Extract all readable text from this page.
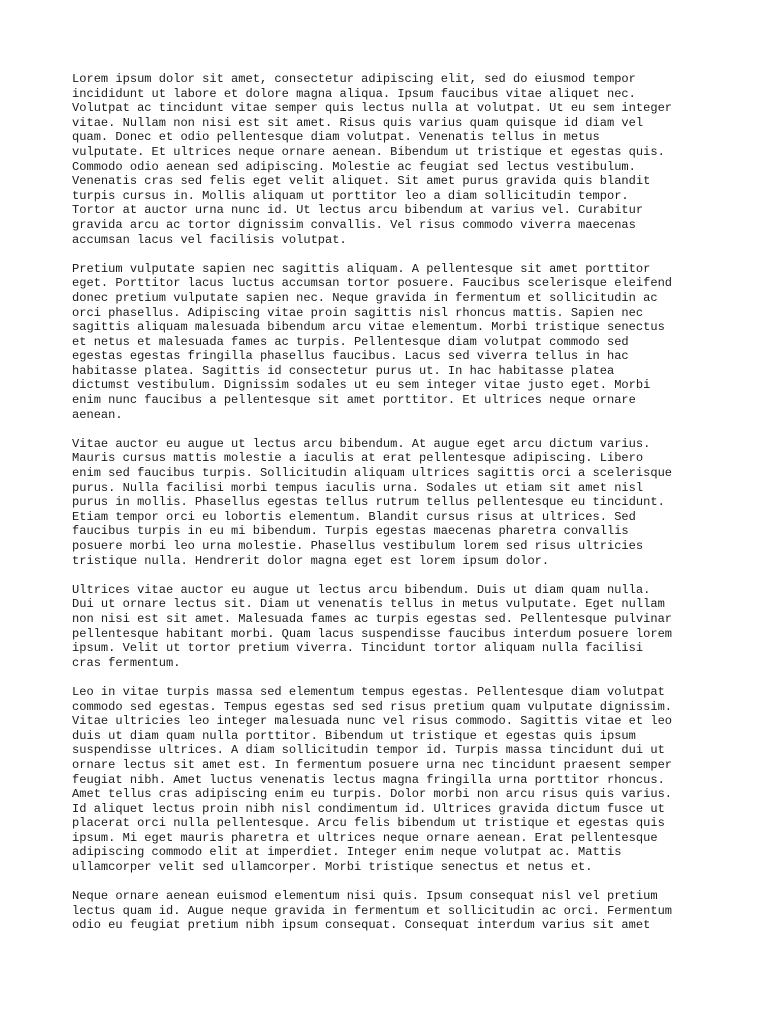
Lorem ipsum dolor sit amet, consectetur adipiscing elit, sed do eiusmod tempor
incididunt ut labore et dolore magna aliqua. Ipsum faucibus vitae aliquet nec.
Volutpat ac tincidunt vitae semper quis lectus nulla at volutpat. Ut eu sem integer
vitae. Nullam non nisi est sit amet. Risus quis varius quam quisque id diam vel
quam. Donec et odio pellentesque diam volutpat. Venenatis tellus in metus
vulputate. Et ultrices neque ornare aenean. Bibendum ut tristique et egestas quis.
Commodo odio aenean sed adipiscing. Molestie ac feugiat sed lectus vestibulum.
Venenatis cras sed felis eget velit aliquet. Sit amet purus gravida quis blandit
turpis cursus in. Mollis aliquam ut porttitor leo a diam sollicitudin tempor.
Tortor at auctor urna nunc id. Ut lectus arcu bibendum at varius vel. Curabitur
gravida arcu ac tortor dignissim convallis. Vel risus commodo viverra maecenas
accumsan lacus vel facilisis volutpat.

Pretium vulputate sapien nec sagittis aliquam. A pellentesque sit amet porttitor
eget. Porttitor lacus luctus accumsan tortor posuere. Faucibus scelerisque eleifend
donec pretium vulputate sapien nec. Neque gravida in fermentum et sollicitudin ac
orci phasellus. Adipiscing vitae proin sagittis nisl rhoncus mattis. Sapien nec
sagittis aliquam malesuada bibendum arcu vitae elementum. Morbi tristique senectus
et netus et malesuada fames ac turpis. Pellentesque diam volutpat commodo sed
egestas egestas fringilla phasellus faucibus. Lacus sed viverra tellus in hac
habitasse platea. Sagittis id consectetur purus ut. In hac habitasse platea
dictumst vestibulum. Dignissim sodales ut eu sem integer vitae justo eget. Morbi
enim nunc faucibus a pellentesque sit amet porttitor. Et ultrices neque ornare
aenean.

Vitae auctor eu augue ut lectus arcu bibendum. At augue eget arcu dictum varius.
Mauris cursus mattis molestie a iaculis at erat pellentesque adipiscing. Libero
enim sed faucibus turpis. Sollicitudin aliquam ultrices sagittis orci a scelerisque
purus. Nulla facilisi morbi tempus iaculis urna. Sodales ut etiam sit amet nisl
purus in mollis. Phasellus egestas tellus rutrum tellus pellentesque eu tincidunt.
Etiam tempor orci eu lobortis elementum. Blandit cursus risus at ultrices. Sed
faucibus turpis in eu mi bibendum. Turpis egestas maecenas pharetra convallis
posuere morbi leo urna molestie. Phasellus vestibulum lorem sed risus ultricies
tristique nulla. Hendrerit dolor magna eget est lorem ipsum dolor.

Ultrices vitae auctor eu augue ut lectus arcu bibendum. Duis ut diam quam nulla.
Dui ut ornare lectus sit. Diam ut venenatis tellus in metus vulputate. Eget nullam
non nisi est sit amet. Malesuada fames ac turpis egestas sed. Pellentesque pulvinar
pellentesque habitant morbi. Quam lacus suspendisse faucibus interdum posuere lorem
ipsum. Velit ut tortor pretium viverra. Tincidunt tortor aliquam nulla facilisi
cras fermentum.

Leo in vitae turpis massa sed elementum tempus egestas. Pellentesque diam volutpat
commodo sed egestas. Tempus egestas sed sed risus pretium quam vulputate dignissim.
Vitae ultricies leo integer malesuada nunc vel risus commodo. Sagittis vitae et leo
duis ut diam quam nulla porttitor. Bibendum ut tristique et egestas quis ipsum
suspendisse ultrices. A diam sollicitudin tempor id. Turpis massa tincidunt dui ut
ornare lectus sit amet est. In fermentum posuere urna nec tincidunt praesent semper
feugiat nibh. Amet luctus venenatis lectus magna fringilla urna porttitor rhoncus.
Amet tellus cras adipiscing enim eu turpis. Dolor morbi non arcu risus quis varius.
Id aliquet lectus proin nibh nisl condimentum id. Ultrices gravida dictum fusce ut
placerat orci nulla pellentesque. Arcu felis bibendum ut tristique et egestas quis
ipsum. Mi eget mauris pharetra et ultrices neque ornare aenean. Erat pellentesque
adipiscing commodo elit at imperdiet. Integer enim neque volutpat ac. Mattis
ullamcorper velit sed ullamcorper. Morbi tristique senectus et netus et.

Neque ornare aenean euismod elementum nisi quis. Ipsum consequat nisl vel pretium
lectus quam id. Augue neque gravida in fermentum et sollicitudin ac orci. Fermentum
odio eu feugiat pretium nibh ipsum consequat. Consequat interdum varius sit amet
